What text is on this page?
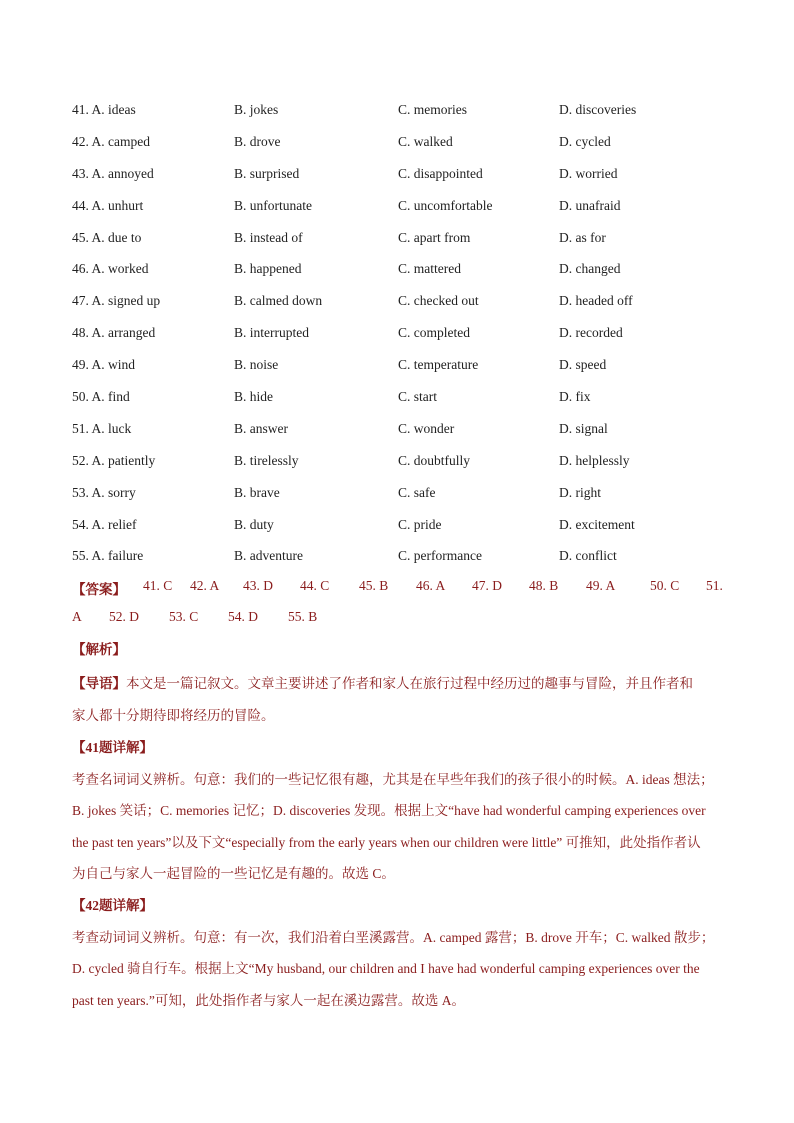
41. A. ideas	B. jokes	C. memories	D. discoveries
42. A. camped	B. drove	C. walked	D. cycled
43. A. annoyed	B. surprised	C. disappointed	D. worried
44. A. unhurt	B. unfortunate	C. uncomfortable	D. unafraid
45. A. due to	B. instead of	C. apart from	D. as for
46. A. worked	B. happened	C. mattered	D. changed
47. A. signed up	B. calmed down	C. checked out	D. headed off
48. A. arranged	B. interrupted	C. completed	D. recorded
49. A. wind	B. noise	C. temperature	D. speed
50. A. find	B. hide	C. start	D. fix
51. A. luck	B. answer	C. wonder	D. signal
52. A. patiently	B. tirelessly	C. doubtfully	D. helplessly
53. A. sorry	B. brave	C. safe	D. right
54. A. relief	B. duty	C. pride	D. excitement
55. A. failure	B. adventure	C. performance	D. conflict
【答案】 41. C 42. A 43. D 44. C 45. B 46. A 47. D 48. B 49. A	50. C 51.
A 52. D 53. C 54. D 55. B
【解析】
【导语】本文是一篇记叙文。文章主要讲述了作者和家人在旅行过程中经历过的趣事与冒险，并且作者和
家人都十分期待即将经历的冒险。
【41题详解】
考查名词词义辨析。句意：我们的一些记忆很有趣，尤其是在早些年我们的孩子很小的时候。A. ideas 想法；
B. jokes 笑话；C. memories 记忆；D. discoveries 发现。根据上文“have had wonderful camping experiences over
the past ten years”以及下文“especially from the early years when our children were little” 可推知，此处指作者认
为自己与家人一起冒险的一些记忆是有趣的。故选 C。
【42题详解】
考查动词词义辨析。句意：有一次，我们沿着白垩溪露营。A. camped 露营；B. drove 开车；C. walked 散步；
D. cycled 骑自行车。根据上文“My husband, our children and I have had wonderful camping experiences over the
past ten years.”可知，此处指作者与家人一起在溪边露营。故选 A。
